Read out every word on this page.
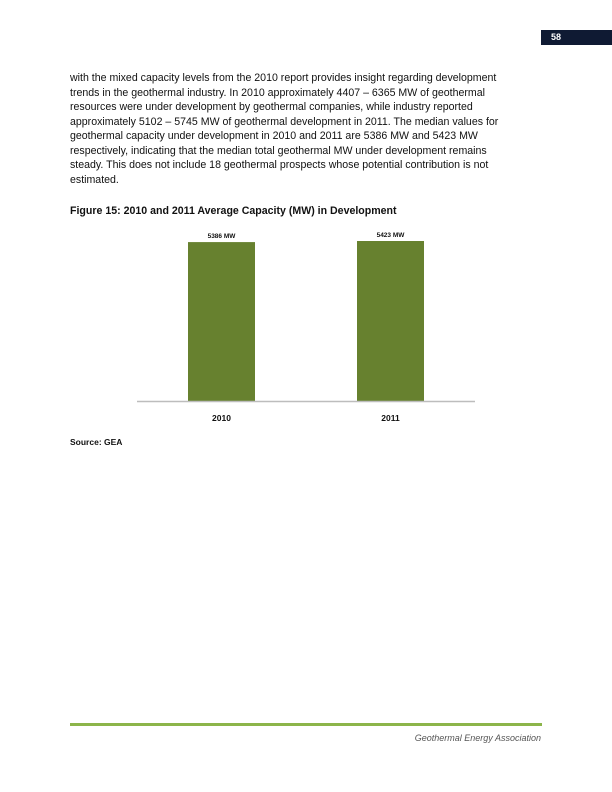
58
with the mixed capacity levels from the 2010 report provides insight regarding development
trends in the geothermal industry. In 2010 approximately 4407 – 6365 MW of geothermal
resources were under development by geothermal companies, while industry reported
approximately 5102 – 5745 MW of geothermal development in 2011. The median values for
geothermal capacity under development in 2010 and 2011 are 5386 MW and 5423 MW
respectively, indicating that the median total geothermal MW under development remains
steady. This does not include 18 geothermal prospects whose potential contribution is not
estimated.
Figure 15: 2010 and 2011 Average Capacity (MW) in Development
5386 MW
2010
5423 MW
2011
Source: GEA
Geothermal Energy Association
